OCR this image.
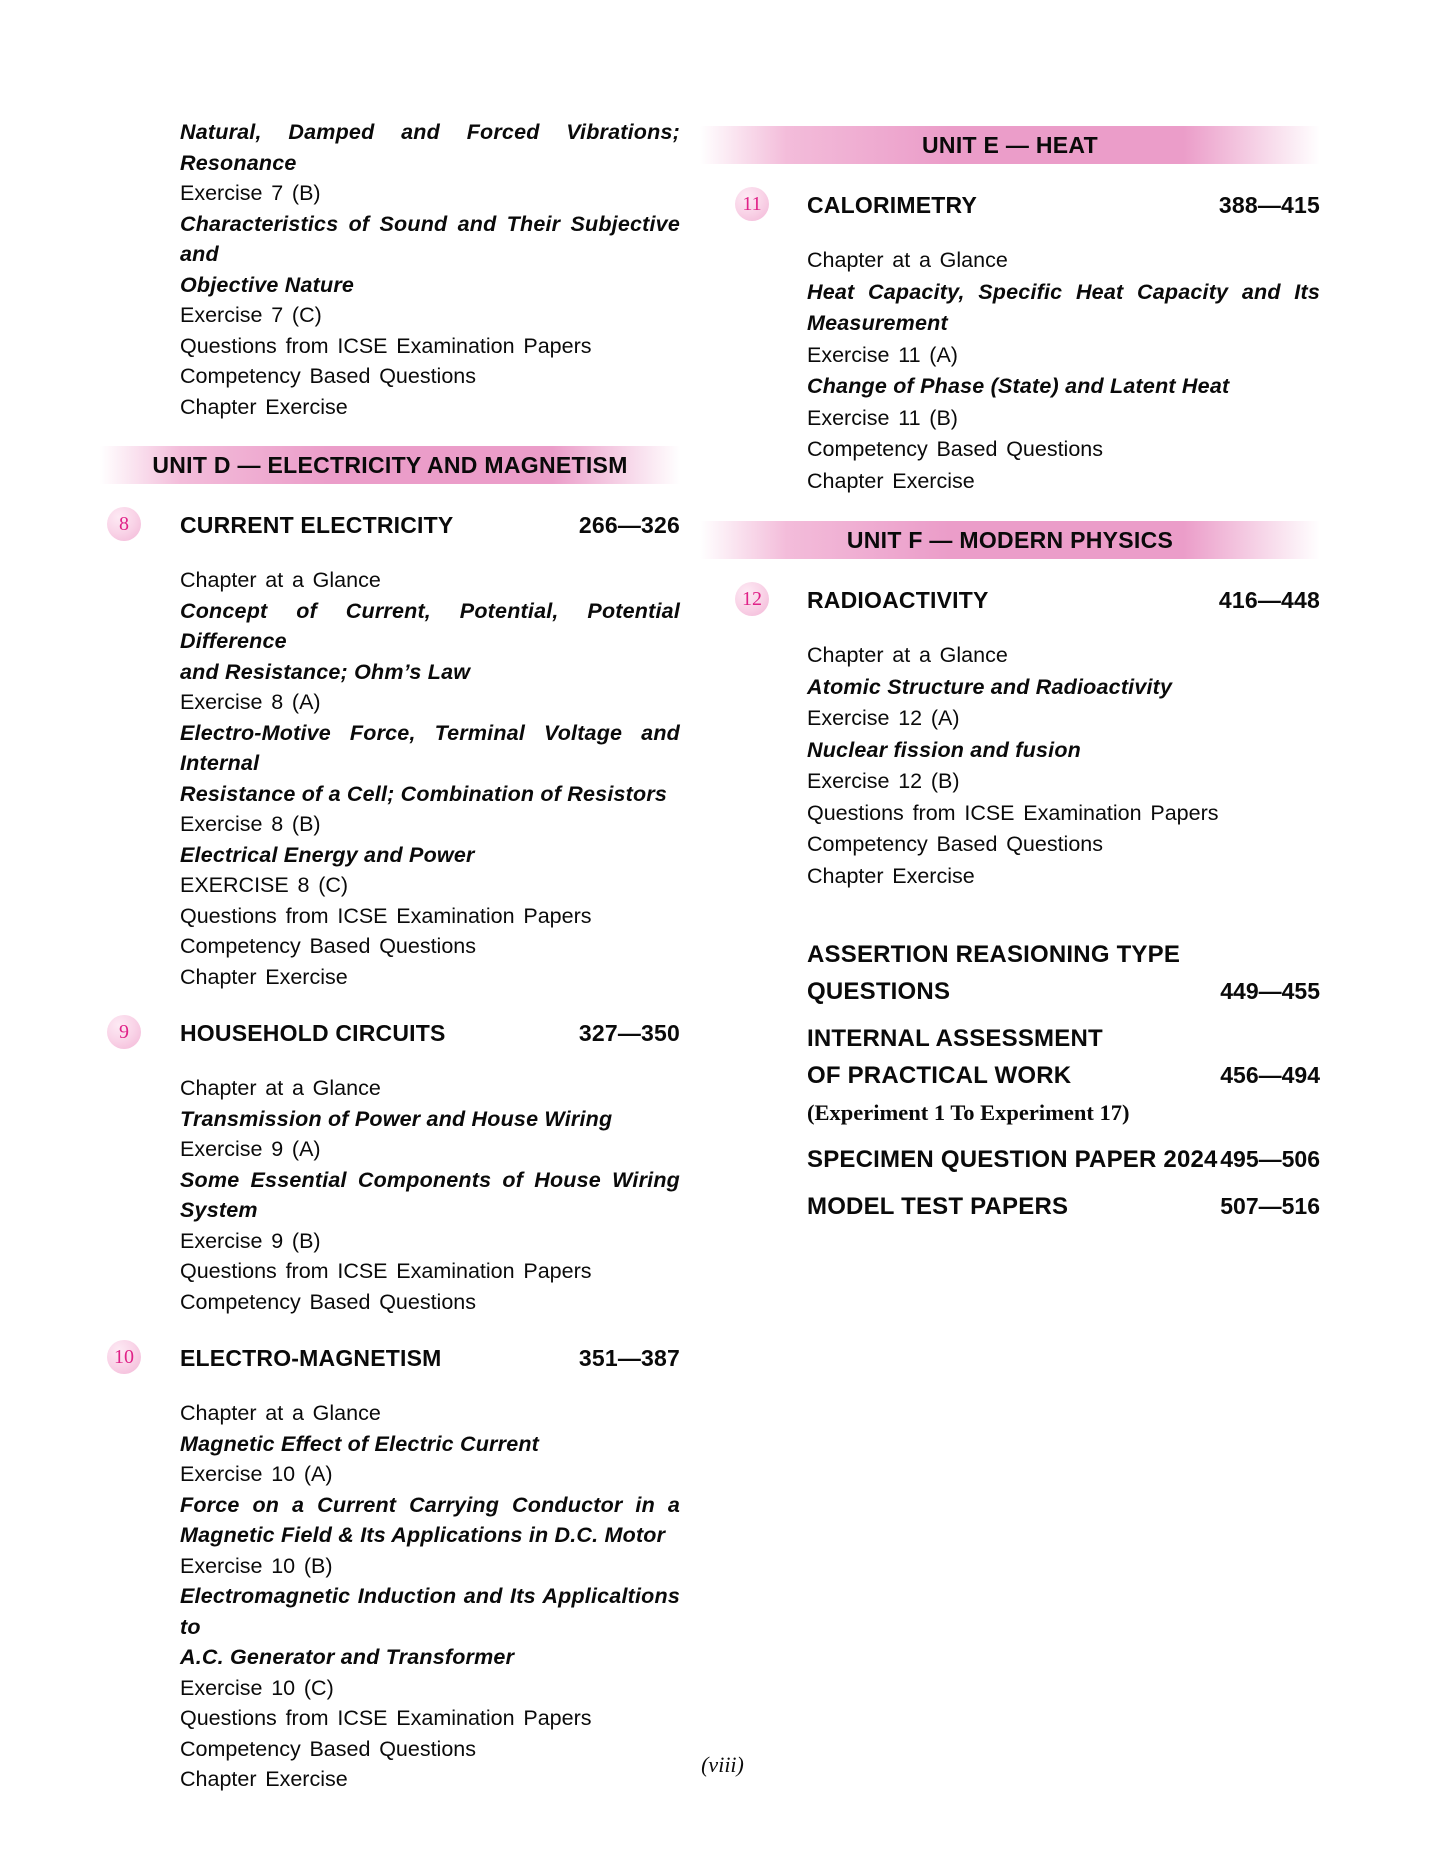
Natural, Damped and Forced Vibrations;
Resonance
Exercise 7 (B)
Characteristics of Sound and Their Subjective and
Objective Nature
Exercise 7 (C)
Questions from ICSE Examination Papers
Competency Based Questions
Chapter Exercise
UNIT D — ELECTRICITY AND MAGNETISM
8	CURRENT ELECTRICITY	266—326
Chapter at a Glance
Concept of Current, Potential, Potential Difference
and Resistance; Ohm’s Law
Exercise 8 (A)
Electro-Motive Force, Terminal Voltage and Internal
Resistance of a Cell; Combination of Resistors
Exercise 8 (B)
Electrical Energy and Power
EXERCISE 8 (C)
Questions from ICSE Examination Papers
Competency Based Questions
Chapter Exercise
9	HOUSEHOLD CIRCUITS	327—350
Chapter at a Glance
Transmission of Power and House Wiring
Exercise 9 (A)
Some Essential Components of House Wiring
System
Exercise 9 (B)
Questions from ICSE Examination Papers
Competency Based Questions
10	ELECTRO-MAGNETISM	351—387
Chapter at a Glance
Magnetic Effect of Electric Current
Exercise 10 (A)
Force on a Current Carrying Conductor in a
Magnetic Field & Its Applications in D.C. Motor
Exercise 10 (B)
Electromagnetic Induction and Its Applicaltions to
A.C. Generator and Transformer
Exercise 10 (C)
Questions from ICSE Examination Papers
Competency Based Questions
Chapter Exercise
UNIT E — HEAT
11	CALORIMETRY	388—415
Chapter at a Glance
Heat Capacity, Specific Heat Capacity and Its
Measurement
Exercise 11 (A)
Change of Phase (State) and Latent Heat
Exercise 11 (B)
Competency Based Questions
Chapter Exercise
UNIT F — MODERN PHYSICS
12	RADIOACTIVITY	416—448
Chapter at a Glance
Atomic Structure and Radioactivity
Exercise 12 (A)
Nuclear fission and fusion
Exercise 12 (B)
Questions from ICSE Examination Papers
Competency Based Questions
Chapter Exercise
ASSERTION REASIONING TYPE
QUESTIONS	449—455
INTERNAL ASSESSMENT
OF PRACTICAL WORK	456—494
(Experiment 1 To Experiment 17)
SPECIMEN QUESTION PAPER 2024 495—506
MODEL TEST PAPERS	507—516
(viii)
